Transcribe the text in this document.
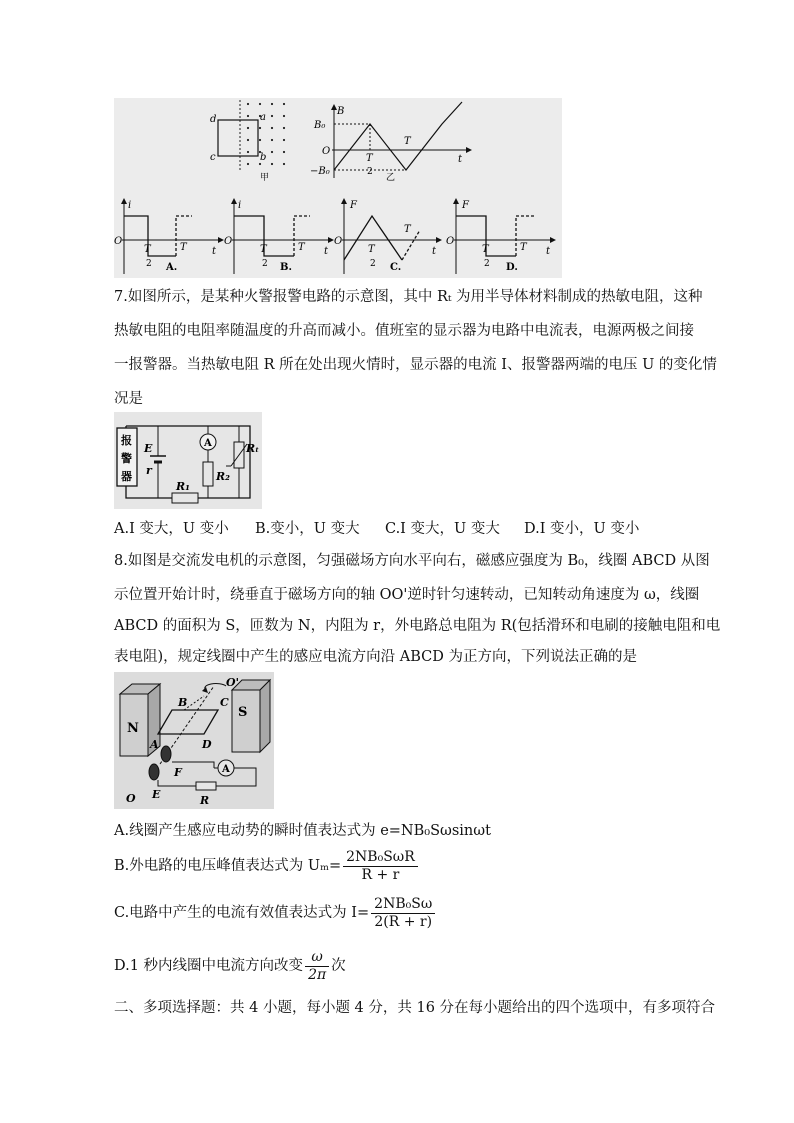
d	a
c	b
甲
B
B₀
O
−B₀
T
2
T
t
乙
i
O
T
2
T	t
A.
i
O
T
2
T t
B.
F
O
T
2
T
t
C.
F
O
T
2
T t
D.
7.如图所示，是某种火警报警电路的示意图，其中 Rₜ 为用半导体材料制成的热敏电阻，这种
热敏电阻的电阻率随温度的升高而减小。值班室的显示器为电路中电流表，电源两极之间接
一报警器。当热敏电阻 R 所在处出现火情时，显示器的电流 I、报警器两端的电压 U 的变化情
况是
报
警
器
E
r
R₁
A
R₂
Rₜ
A.I 变大，U 变小 B.变小，U 变大 C.I 变大，U 变大 D.I 变小，U 变小
8.如图是交流发电机的示意图，匀强磁场方向水平向右，磁感应强度为 B₀，线圈 ABCD 从图
示位置开始计时，绕垂直于磁场方向的轴 OO'逆时针匀速转动，已知转动角速度为 ω，线圈
ABCD 的面积为 S，匝数为 N，内阻为 r，外电路总电阻为 R(包括滑环和电刷的接触电阻和电
表电阻)，规定线圈中产生的感应电流方向沿 ABCD 为正方向，下列说法正确的是
N
S
B	C
O'
A	D
F
O E
A
R
A.线圈产生感应电动势的瞬时值表达式为 e=NB₀Sωsinωt
B.外电路的电压峰值表达式为 $U_m= \frac{\text{2NB₀SωR}}{R + r}$
C.电路中产生的电流有效值表达式为 $I= \frac{\text{2NB₀Sω}}{2(R + r)}$
D.1 秒内线圈中电流方向改变 $\frac{\omega}{2\pi}$ 次
二、多项选择题：共 4 小题，每小题 4 分，共 16 分在每小题给出的四个选项中，有多项符合
